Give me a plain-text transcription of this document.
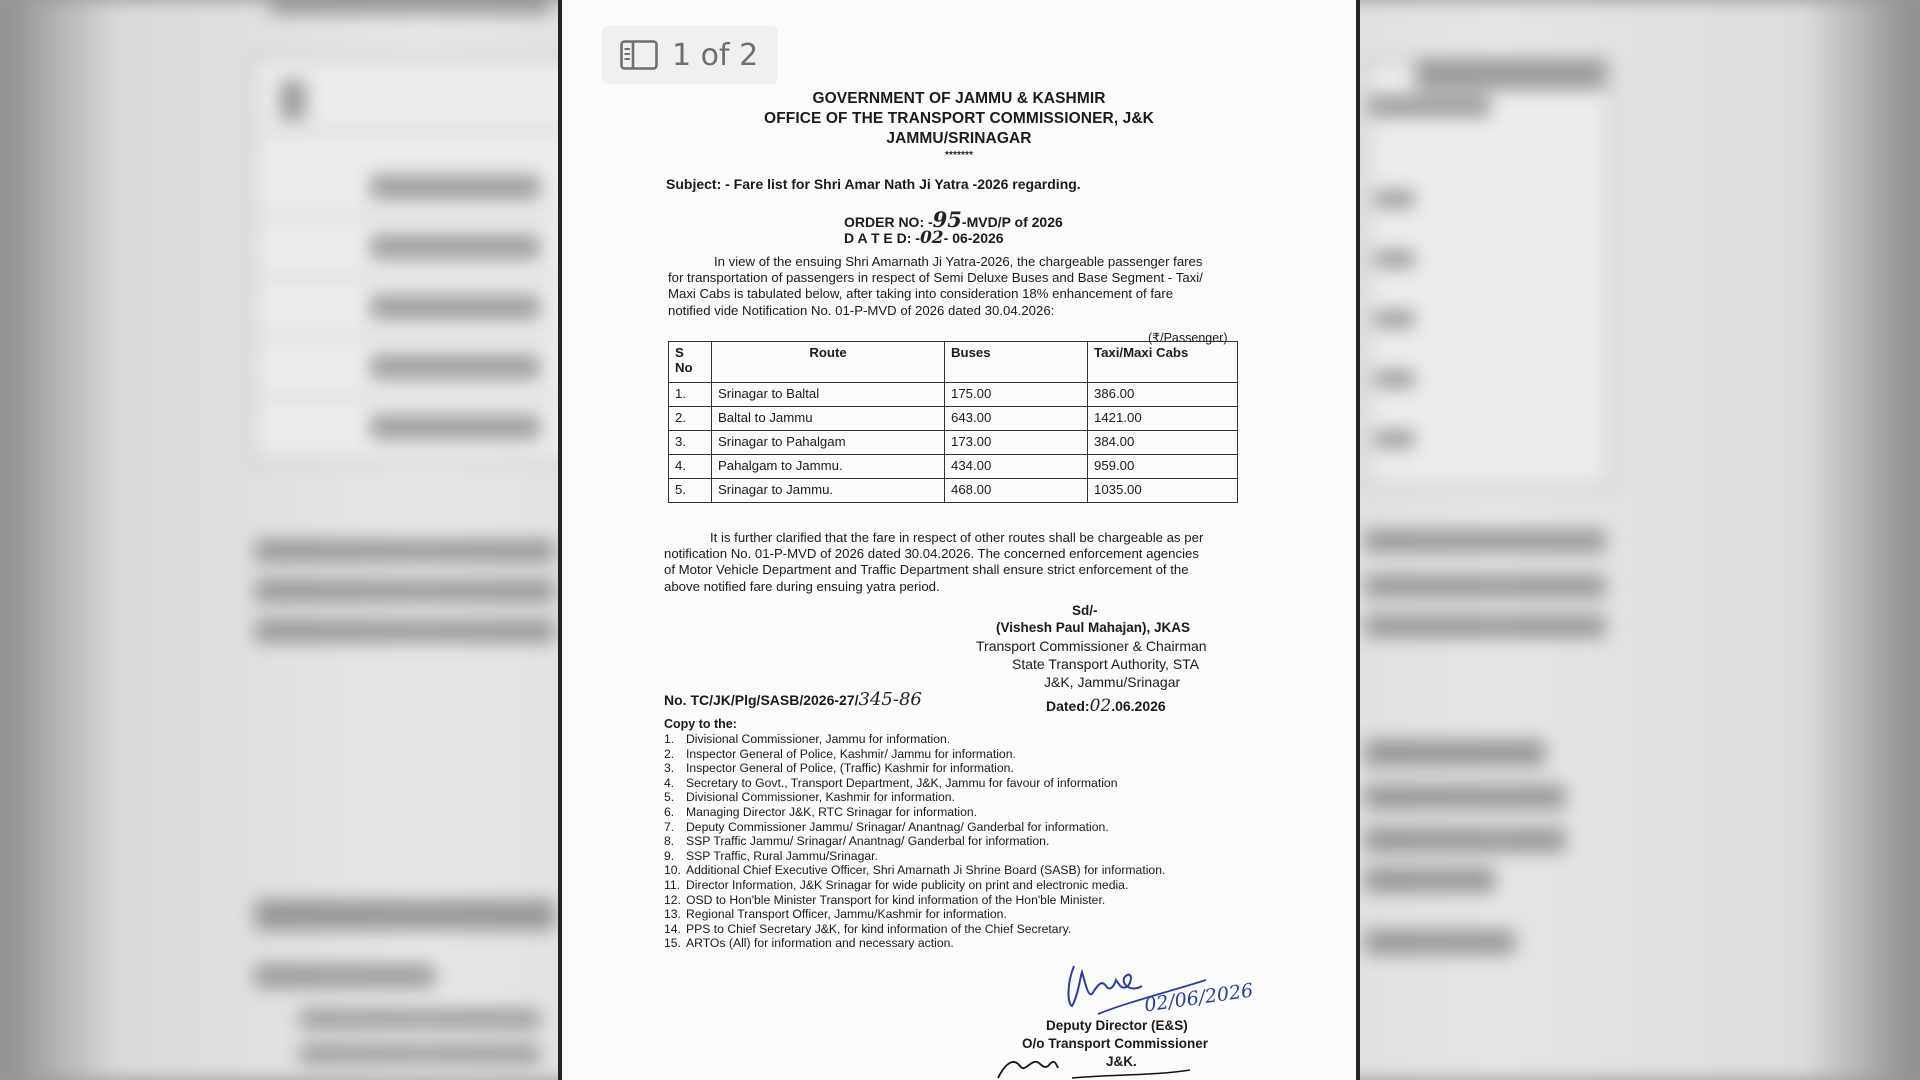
1 of 2
GOVERNMENT OF JAMMU & KASHMIR
OFFICE OF THE TRANSPORT COMMISSIONER, J&K
JAMMU/SRINAGAR
*******
Subject: - Fare list for Shri Amar Nath Ji Yatra -2026 regarding.
ORDER NO: -95-MVD/P of 2026
D A T E D: -02- 06-2026
In view of the ensuing Shri Amarnath Ji Yatra-2026, the chargeable passenger fares
for transportation of passengers in respect of Semi Deluxe Buses and Base Segment - Taxi/
Maxi Cabs is tabulated below, after taking into consideration 18% enhancement of fare
notified vide Notification No. 01-P-MVD of 2026 dated 30.04.2026:
(₹/Passenger)
S No	Route	Buses	Taxi/Maxi Cabs
1.	Srinagar to Baltal	175.00	386.00
2.	Baltal to Jammu	643.00	1421.00
3.	Srinagar to Pahalgam	173.00	384.00
4.	Pahalgam to Jammu.	434.00	959.00
5.	Srinagar to Jammu.	468.00	1035.00
It is further clarified that the fare in respect of other routes shall be chargeable as per
notification No. 01-P-MVD of 2026 dated 30.04.2026. The concerned enforcement agencies
of Motor Vehicle Department and Traffic Department shall ensure strict enforcement of the
above notified fare during ensuing yatra period.
Sd/-
(Vishesh Paul Mahajan), JKAS
Transport Commissioner & Chairman
State Transport Authority, STA
J&K, Jammu/Srinagar
No. TC/JK/Plg/SASB/2026-27/345-86	Dated:02.06.2026
Copy to the:
1. Divisional Commissioner, Jammu for information.
2. Inspector General of Police, Kashmir/ Jammu for information.
3. Inspector General of Police, (Traffic) Kashmir for information.
4. Secretary to Govt., Transport Department, J&K, Jammu for favour of information
5. Divisional Commissioner, Kashmir for information.
6. Managing Director J&K, RTC Srinagar for information.
7. Deputy Commissioner Jammu/ Srinagar/ Anantnag/ Ganderbal for information.
8. SSP Traffic Jammu/ Srinagar/ Anantnag/ Ganderbal for information.
9. SSP Traffic, Rural Jammu/Srinagar.
10. Additional Chief Executive Officer, Shri Amarnath Ji Shrine Board (SASB) for information.
11. Director Information, J&K Srinagar for wide publicity on print and electronic media.
12. OSD to Hon'ble Minister Transport for kind information of the Hon'ble Minister.
13. Regional Transport Officer, Jammu/Kashmir for information.
14. PPS to Chief Secretary J&K, for kind information of the Chief Secretary.
15. ARTOs (All) for information and necessary action.
02/06/2026
Deputy Director (E&S)
O/o Transport Commissioner
J&K.
